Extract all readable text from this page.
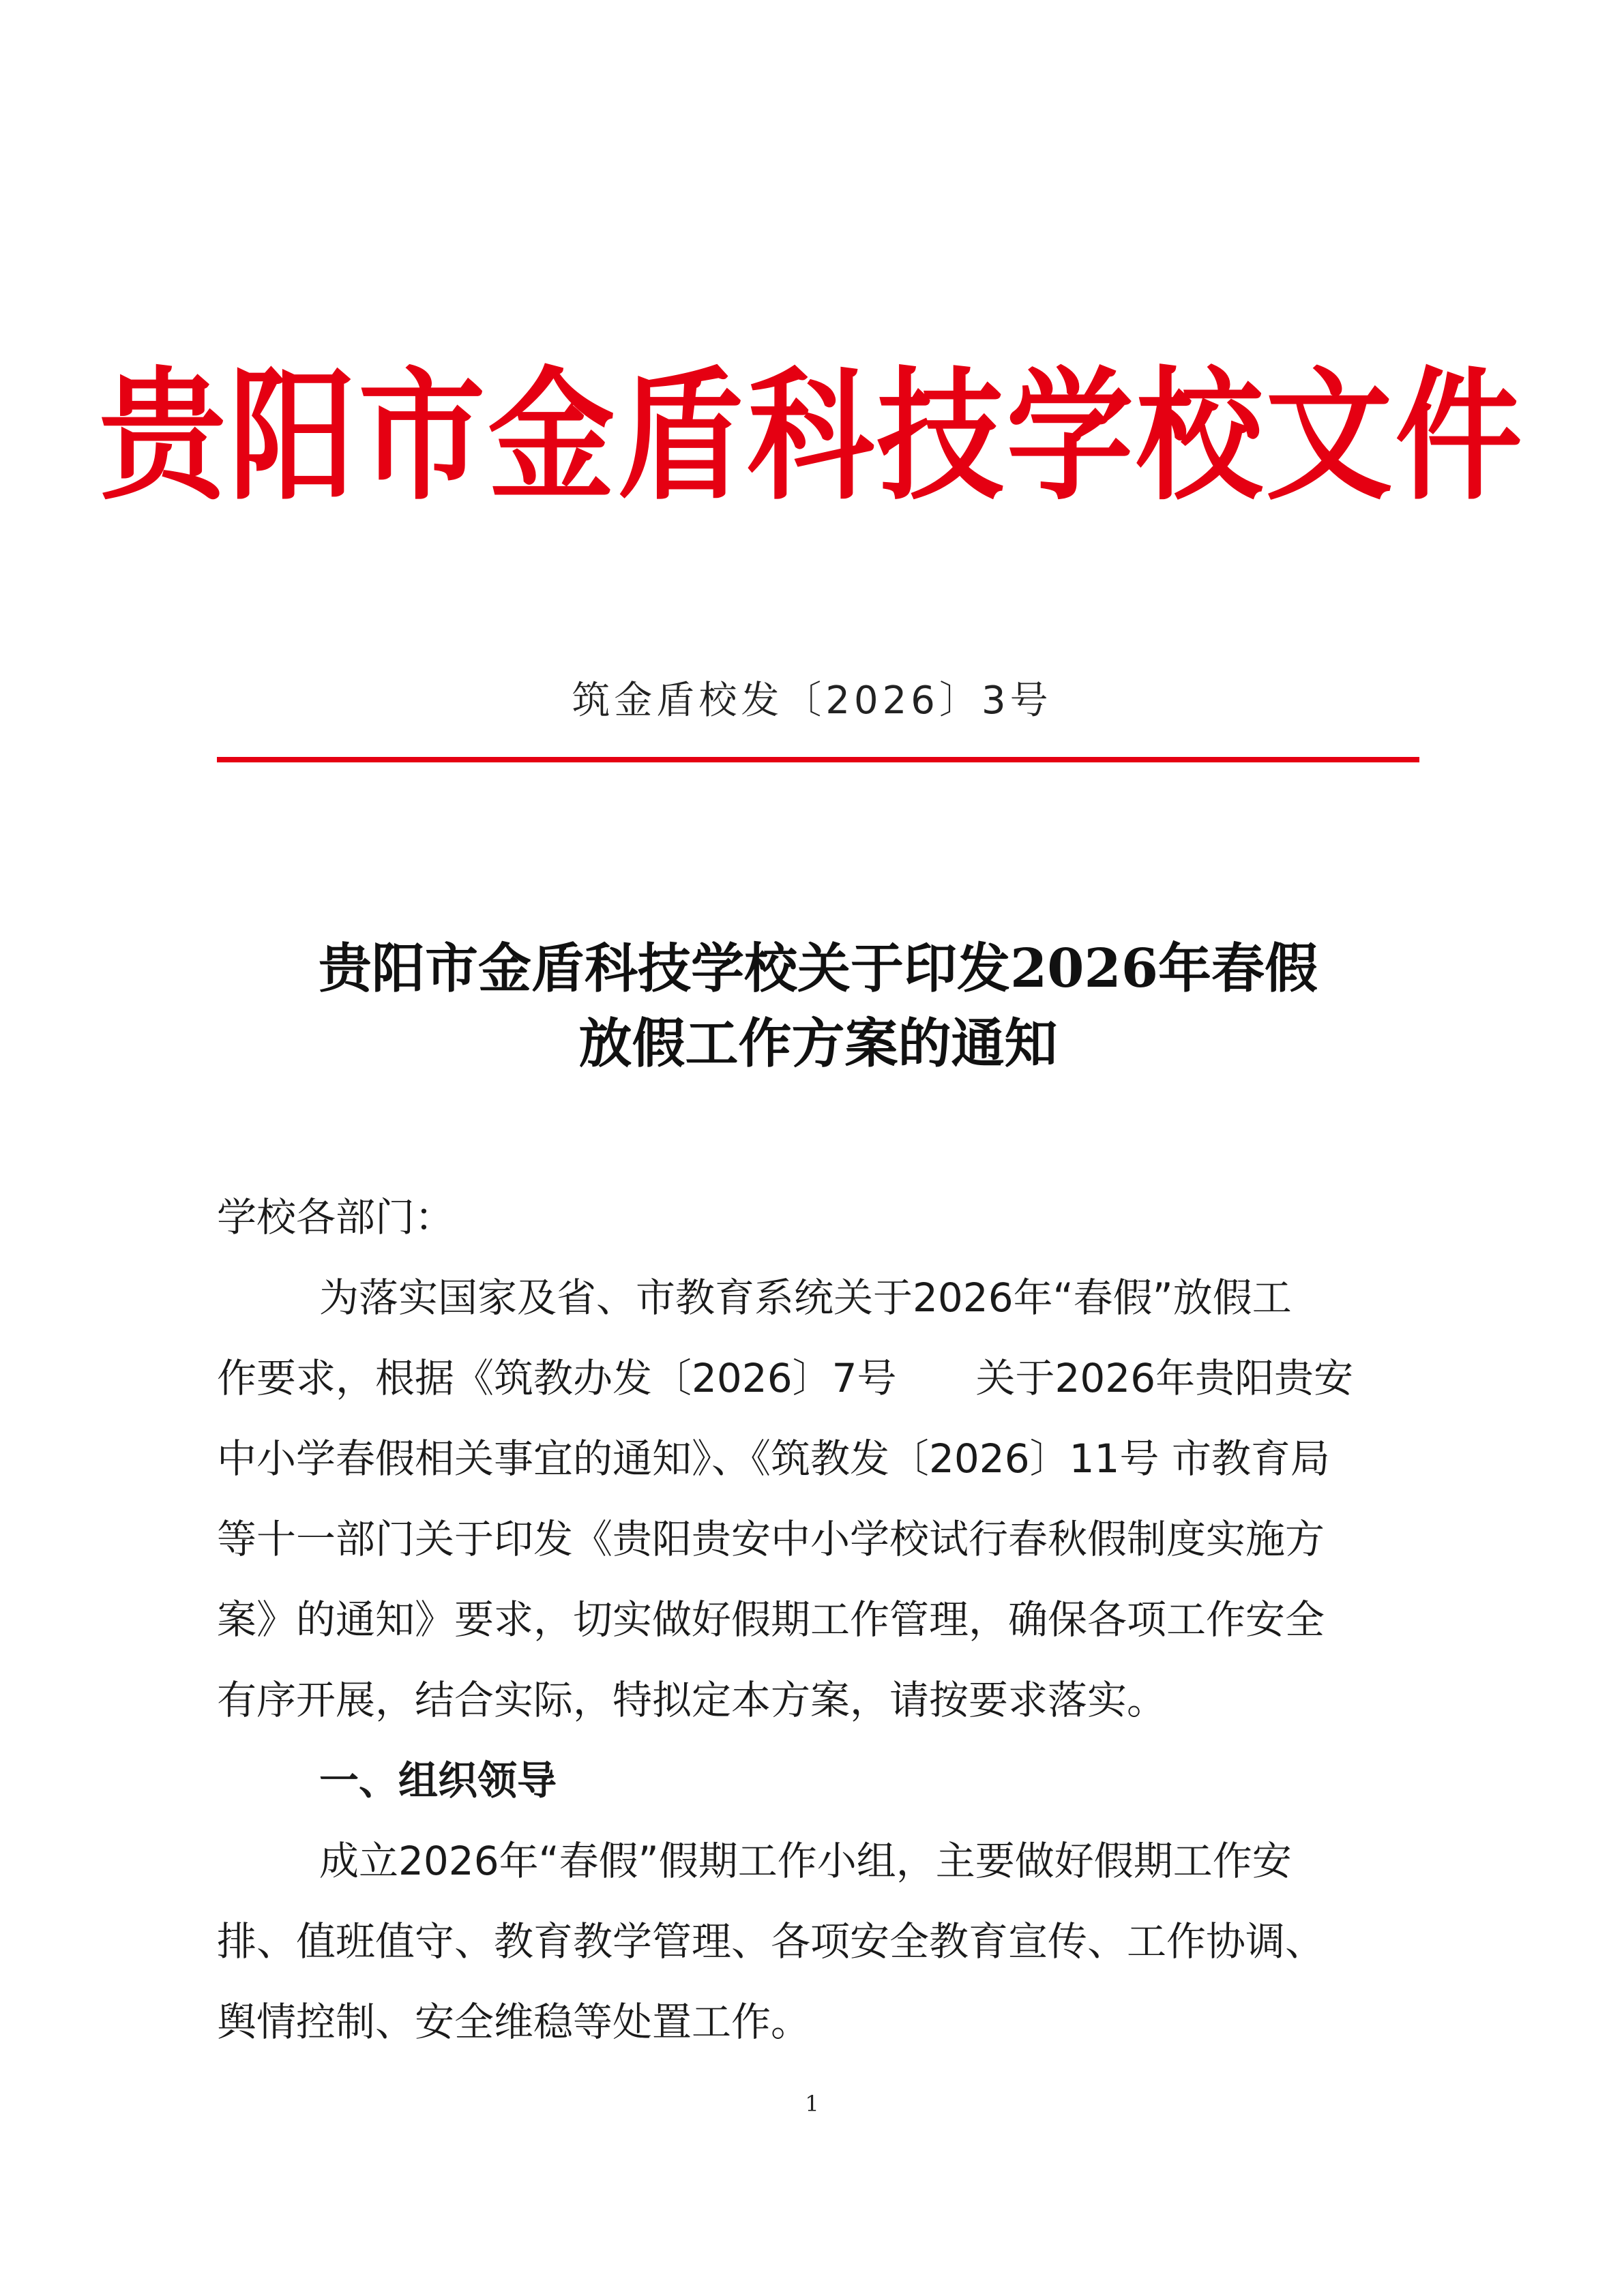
贵阳市金盾科技学校文件
筑金盾校发〔2026〕3号
贵阳市金盾科技学校关于印发2026年春假
放假工作方案的通知
学校各部门：
为落实国家及省、市教育系统关于2026年“春假”放假工
作要求，根据《筑教办发〔2026〕7号　　关于2026年贵阳贵安
中小学春假相关事宜的通知》、《筑教发〔2026〕11号 市教育局
等十一部门关于印发《贵阳贵安中小学校试行春秋假制度实施方
案》的通知》要求，切实做好假期工作管理，确保各项工作安全
有序开展，结合实际，特拟定本方案，请按要求落实。
一、组织领导
成立2026年“春假”假期工作小组，主要做好假期工作安
排、值班值守、教育教学管理、各项安全教育宣传、工作协调、
舆情控制、安全维稳等处置工作。
1
